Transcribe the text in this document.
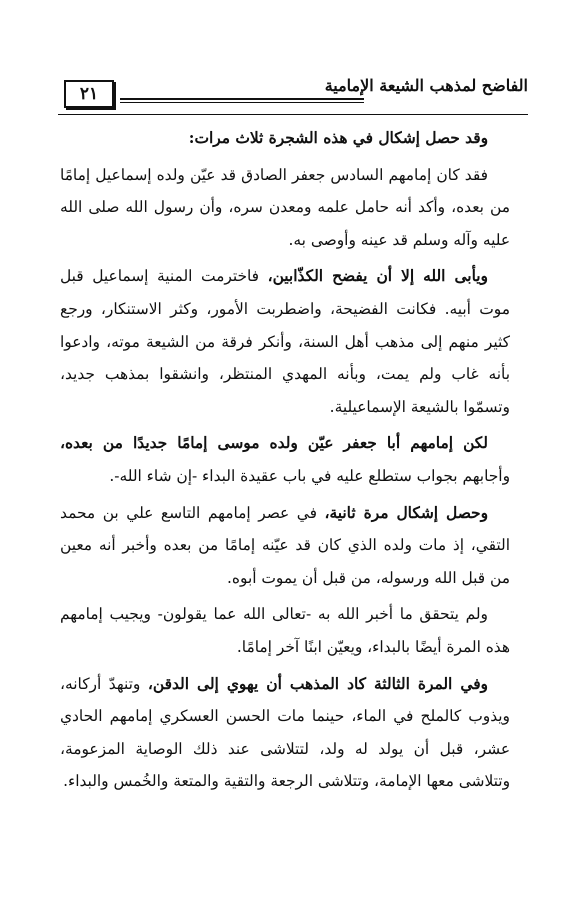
٢١	الفاضح لمذهب الشيعة الإمامية

وقد حصل إشكال في هذه الشجرة ثلاث مرات:

فقد كان إمامهم السادس جعفر الصادق قد عيّن ولده إسماعيل إمامًا من بعده، وأكد أنه حامل علمه ومعدن سره، وأن رسول الله صلى الله عليه وآله وسلم قد عينه وأوصى به.

ويأبى الله إلا أن يفضح الكذّابين، فاخترمت المنية إسماعيل قبل موت أبيه. فكانت الفضيحة، واضطربت الأمور، وكثر الاستنكار، ورجع كثير منهم إلى مذهب أهل السنة، وأنكر فرقة من الشيعة موته، وادعوا بأنه غاب ولم يمت، وبأنه المهدي المنتظر، وانشقوا بمذهب جديد، وتسمّوا بالشيعة الإسماعيلية.

لكن إمامهم أبا جعفر عيّن ولده موسى إمامًا جديدًا من بعده، وأجابهم بجواب ستطلع عليه في باب عقيدة البداء -إن شاء الله-.

وحصل إشكال مرة ثانية، في عصر إمامهم التاسع علي بن محمد التقي، إذ مات ولده الذي كان قد عيّنه إمامًا من بعده وأخبر أنه معين من قبل الله ورسوله، من قبل أن يموت أبوه.

ولم يتحقق ما أخبر الله به -تعالى الله عما يقولون- ويجيب إمامهم هذه المرة أيضًا بالبداء، ويعيّن ابنًا آخر إمامًا.

وفي المرة الثالثة كاد المذهب أن يهوي إلى الدقن، وتنهدّ أركانه، ويذوب كالملح في الماء، حينما مات الحسن العسكري إمامهم الحادي عشر، قبل أن يولد له ولد، لتتلاشى عند ذلك الوصاية المزعومة، وتتلاشى معها الإمامة، وتتلاشى الرجعة والتقية والمتعة والخُمس والبداء.
